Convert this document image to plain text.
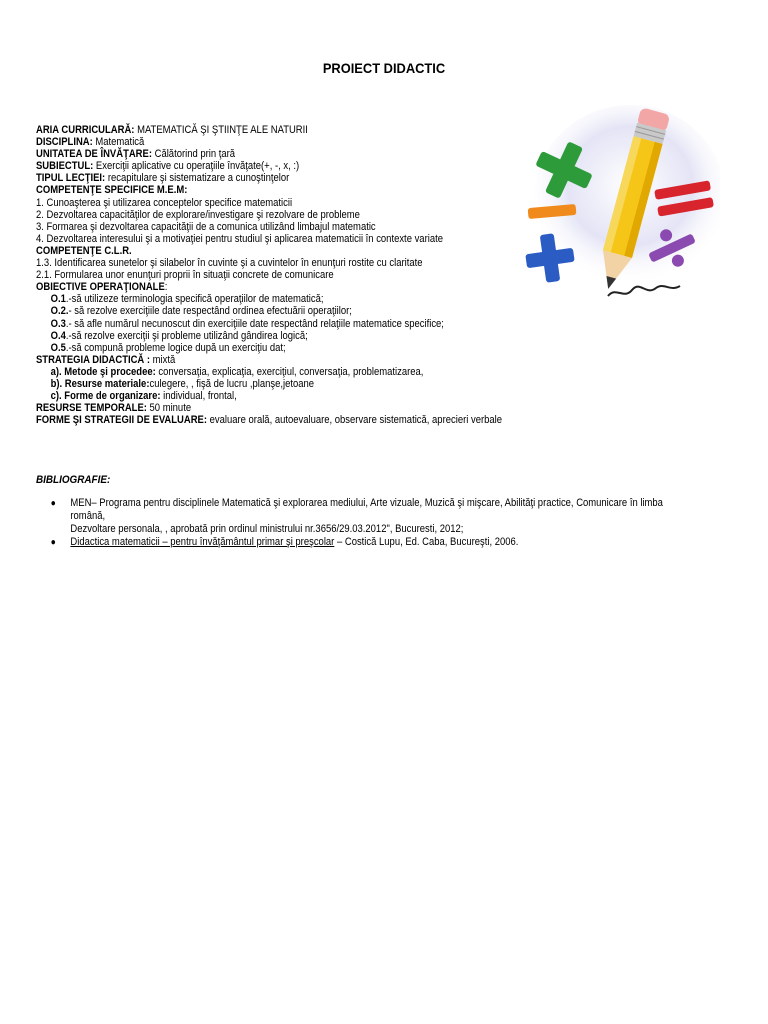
PROIECT DIDACTIC
ARIA CURRICULARĂ: MATEMATICĂ ŞI ŞTIINŢE ALE NATURII
DISCIPLINA: Matematică
UNITATEA DE ÎNVĂŢARE: Călătorind prin ţară
SUBIECTUL: Exerciţii aplicative cu operaţiile învăţate(+, -, x, :)
TIPUL LECŢIEI: recapitulare şi sistematizare a cunoştinţelor
COMPETENŢE SPECIFICE M.E.M:
1. Cunoaşterea şi utilizarea conceptelor specifice matematicii
2. Dezvoltarea capacităţilor de explorare/investigare şi rezolvare de probleme
3. Formarea şi dezvoltarea capacităţii de a comunica utilizând limbajul matematic
4. Dezvoltarea interesului şi a motivaţiei pentru studiul şi aplicarea matematicii în contexte variate
COMPETENŢE C.L.R.
1.3. Identificarea sunetelor şi silabelor în cuvinte şi a cuvintelor în enunţuri rostite cu claritate
2.1. Formularea unor enunţuri proprii în situaţii concrete de comunicare
OBIECTIVE OPERAŢIONALE:
O.1.-să utilizeze terminologia specifică operaţiilor de matematică;
O.2.- să rezolve exerciţiile date respectând ordinea efectuării operaţiilor;
O.3.- să afle numărul necunoscut din exerciţiile date respectând relaţiile matematice specifice;
O.4.-să rezolve exerciţii şi probleme utilizând gândirea logică;
O.5.-să compună probleme logice după un exerciţiu dat;
STRATEGIA DIDACTICĂ : mixtă
a). Metode şi procedee: conversaţia, explicaţia, exerciţiul, conversaţia, problematizarea,
b). Resurse materiale:culegere, , fişă de lucru ,planşe,jetoane
c). Forme de organizare: individual, frontal,
RESURSE TEMPORALE: 50 minute
FORME ŞI STRATEGII DE EVALUARE: evaluare orală, autoevaluare, observare sistematică, aprecieri verbale
BIBLIOGRAFIE:
● MEN– Programa pentru disciplinele Matematică şi explorarea mediului, Arte vizuale, Muzică şi mişcare, Abilităţi practice, Comunicare în limba română,
Dezvoltare personala, , aprobată prin ordinul ministrului nr.3656/29.03.2012", Bucuresti, 2012;
● Didactica matematicii – pentru învăţământul primar şi preşcolar – Costică Lupu, Ed. Caba, Bucureşti, 2006.
